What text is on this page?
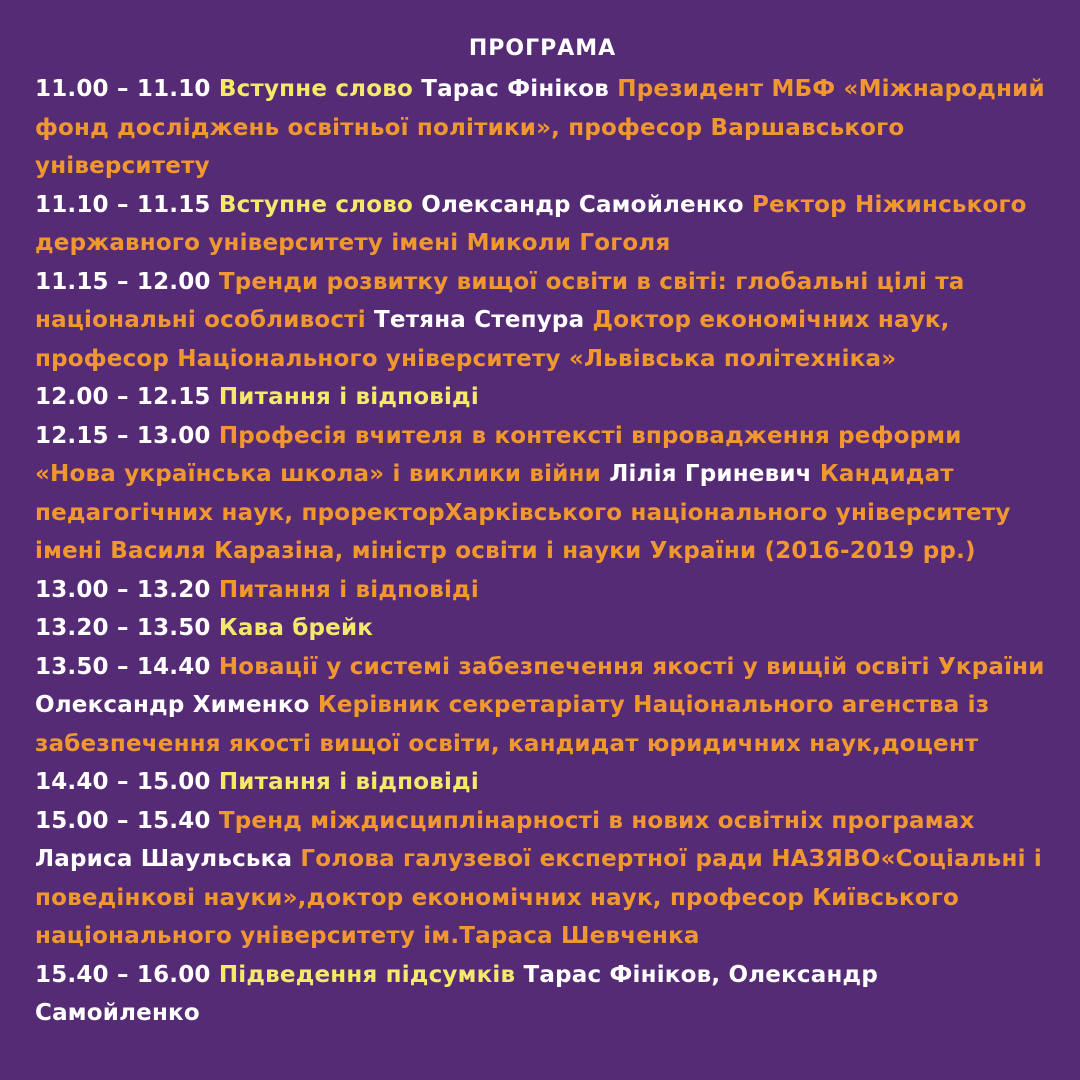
ПРОГРАМА
11.00 – 11.10 Вступне слово Тарас Фініков Президент МБФ «Міжнародний фонд досліджень освітньої політики», професор Варшавського університету
11.10 – 11.15 Вступне слово Олександр Самойленко Ректор Ніжинського державного університету імені Миколи Гоголя
11.15 – 12.00 Тренди розвитку вищої освіти в світі: глобальні цілі та національні особливості Тетяна Степура Доктор економічних наук, професор Національного університету «Львівська політехніка»
12.00 – 12.15 Питання і відповіді
12.15 – 13.00 Професія вчителя в контексті впровадження реформи «Нова українська школа» і виклики війни Лілія Гриневич Кандидат педагогічних наук, проректорХарківського національного університету імені Василя Каразіна, міністр освіти і науки України (2016-2019 рр.)
13.00 – 13.20 Питання і відповіді
13.20 – 13.50 Кава брейк
13.50 – 14.40 Новації у системі забезпечення якості у вищій освіті України Олександр Хименко Керівник секретаріату Національного агенства із забезпечення якості вищої освіти, кандидат юридичних наук,доцент
14.40 – 15.00 Питання і відповіді
15.00 – 15.40 Тренд міждисциплінарності в нових освітніх програмах Лариса Шаульська Голова галузевої експертної ради НАЗЯВО«Соціальні і поведінкові науки»,доктор економічних наук, професор Київського національного університету ім.Тараса Шевченка
15.40 – 16.00 Підведення підсумків Тарас Фініков, Олександр Самойленко
